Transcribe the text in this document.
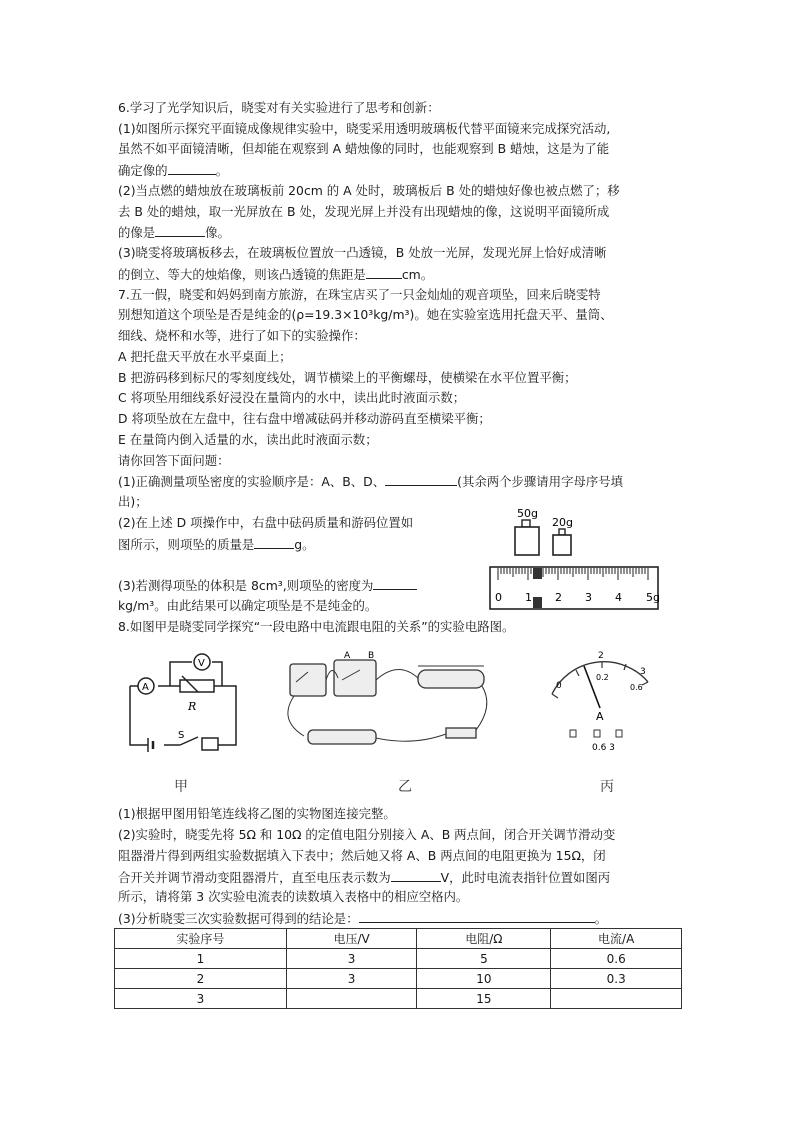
6.学习了光学知识后，晓雯对有关实验进行了思考和创新：
(1)如图所示探究平面镜成像规律实验中，晓雯采用透明玻璃板代替平面镜来完成探究活动,
虽然不如平面镜清晰，但却能在观察到 A 蜡烛像的同时，也能观察到 B 蜡烛，这是为了能
确定像的	。
(2)当点燃的蜡烛放在玻璃板前 20cm 的 A 处时，玻璃板后 B 处的蜡烛好像也被点燃了；移
去 B 处的蜡烛，取一光屏放在 B 处，发现光屏上并没有出现蜡烛的像，这说明平面镜所成
的像是	像。
(3)晓雯将玻璃板移去，在玻璃板位置放一凸透镜，B 处放一光屏，发现光屏上恰好成清晰
的倒立、等大的烛焰像，则该凸透镜的焦距是	cm。
7.五一假，晓雯和妈妈到南方旅游，在珠宝店买了一只金灿灿的观音项坠，回来后晓雯特
别想知道这个项坠是否是纯金的(ρ=19.3×10³kg/m³)。她在实验室选用托盘天平、量筒、
细线、烧杯和水等，进行了如下的实验操作：
A 把托盘天平放在水平桌面上；
B 把游码移到标尺的零刻度线处，调节横梁上的平衡螺母，使横梁在水平位置平衡；
C 将项坠用细线系好浸没在量筒内的水中，读出此时液面示数；
D 将项坠放在左盘中，往右盘中增减砝码并移动游码直至横梁平衡；
E 在量筒内倒入适量的水，读出此时液面示数；
请你回答下面问题：
(1)正确测量项坠密度的实验顺序是：A、B、D、	(其余两个步骤请用字母序号填
出)；
(2)在上述 D 项操作中，右盘中砝码质量和游码位置如
图所示，则项坠的质量是	g。
(3)若测得项坠的体积是 8cm³,则项坠的密度为
kg/m³。由此结果可以确定项坠是不是纯金的。
50g
20g
0 1 2 3 4 5g
8.如图甲是晓雯同学探究“一段电路中电流跟电阻的关系”的实验电路图。
A
V
R
S
甲
A B
乙
0
2
3
0.2
0.6
A
0.6 3
丙
(1)根据甲图用铅笔连线将乙图的实物图连接完整。
(2)实验时，晓雯先将 5Ω 和 10Ω 的定值电阻分别接入 A、B 两点间，闭合开关调节滑动变
阻器滑片得到两组实验数据填入下表中；然后她又将 A、B 两点间的电阻更换为 15Ω，闭
合开关并调节滑动变阻器滑片，直至电压表示数为	V，此时电流表指针位置如图丙
所示，请将第 3 次实验电流表的读数填入表格中的相应空格内。
(3)分析晓雯三次实验数据可得到的结论是：	。
实验序号	电压/V	电阻/Ω	电流/A
1	3	5	0.6
2	3	10	0.3
3		15	
